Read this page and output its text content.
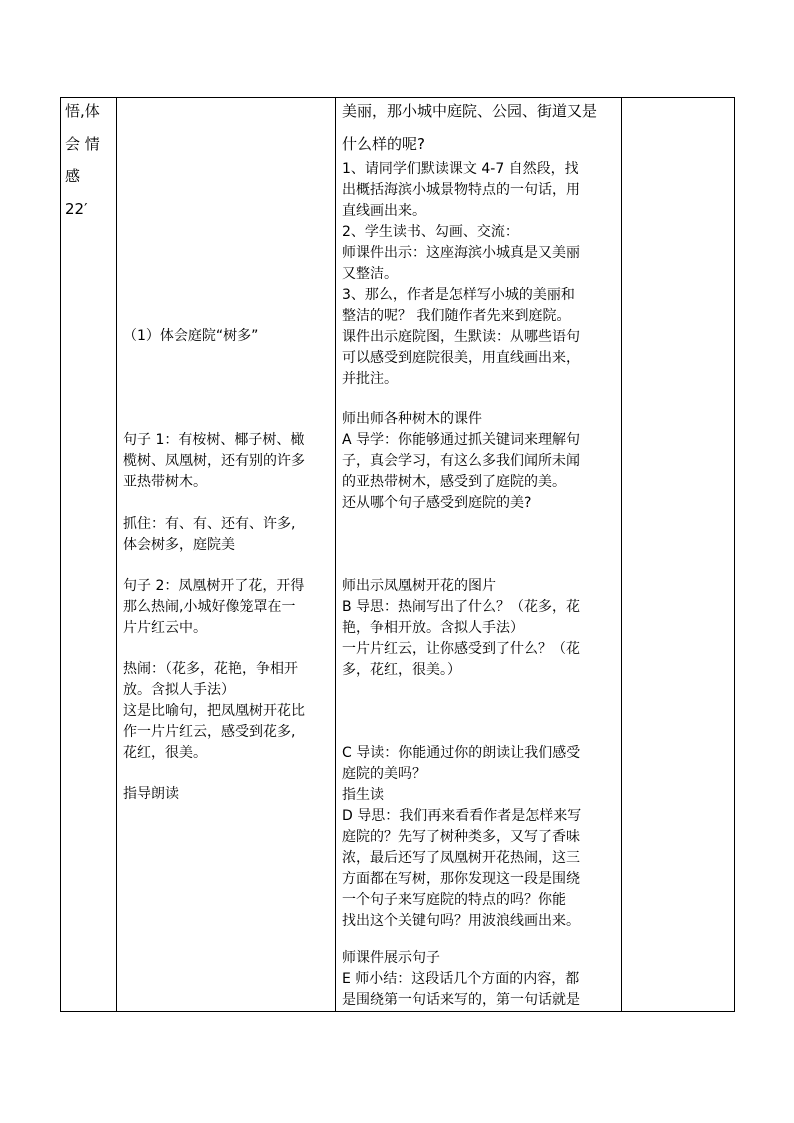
悟,体
会 情
感
22′
（1）体会庭院“树多”
句子 1：有桉树、椰子树、橄
榄树、凤凰树，还有别的许多
亚热带树木。
抓住：有、有、还有、许多,
体会树多，庭院美
句子 2：凤凰树开了花，开得
那么热闹,小城好像笼罩在一
片片红云中。
热闹：（花多，花艳，争相开
放。含拟人手法）
这是比喻句，把凤凰树开花比
作一片片红云，感受到花多,
花红，很美。
指导朗读
美丽，那小城中庭院、公园、街道又是
什么样的呢?
1、请同学们默读课文 4-7 自然段，找
出概括海滨小城景物特点的一句话，用
直线画出来。
2、学生读书、勾画、交流：
师课件出示：这座海滨小城真是又美丽
又整洁。
3、那么，作者是怎样写小城的美丽和
整洁的呢？ 我们随作者先来到庭院。
课件出示庭院图，生默读：从哪些语句
可以感受到庭院很美，用直线画出来，
并批注。
师出师各种树木的课件
A 导学：你能够通过抓关键词来理解句
子，真会学习，有这么多我们闻所未闻
的亚热带树木，感受到了庭院的美。
还从哪个句子感受到庭院的美?
师出示凤凰树开花的图片
B 导思：热闹写出了什么？（花多，花
艳，争相开放。含拟人手法）
一片片红云，让你感受到了什么？（花
多，花红，很美。）
C 导读：你能通过你的朗读让我们感受
庭院的美吗？
指生读
D 导思：我们再来看看作者是怎样来写
庭院的？先写了树种类多，又写了香味
浓，最后还写了凤凰树开花热闹，这三
方面都在写树，那你发现这一段是围绕
一个句子来写庭院的特点的吗？你能
找出这个关键句吗？用波浪线画出来。
师课件展示句子
E 师小结：这段话几个方面的内容，都
是围绕第一句话来写的，第一句话就是
